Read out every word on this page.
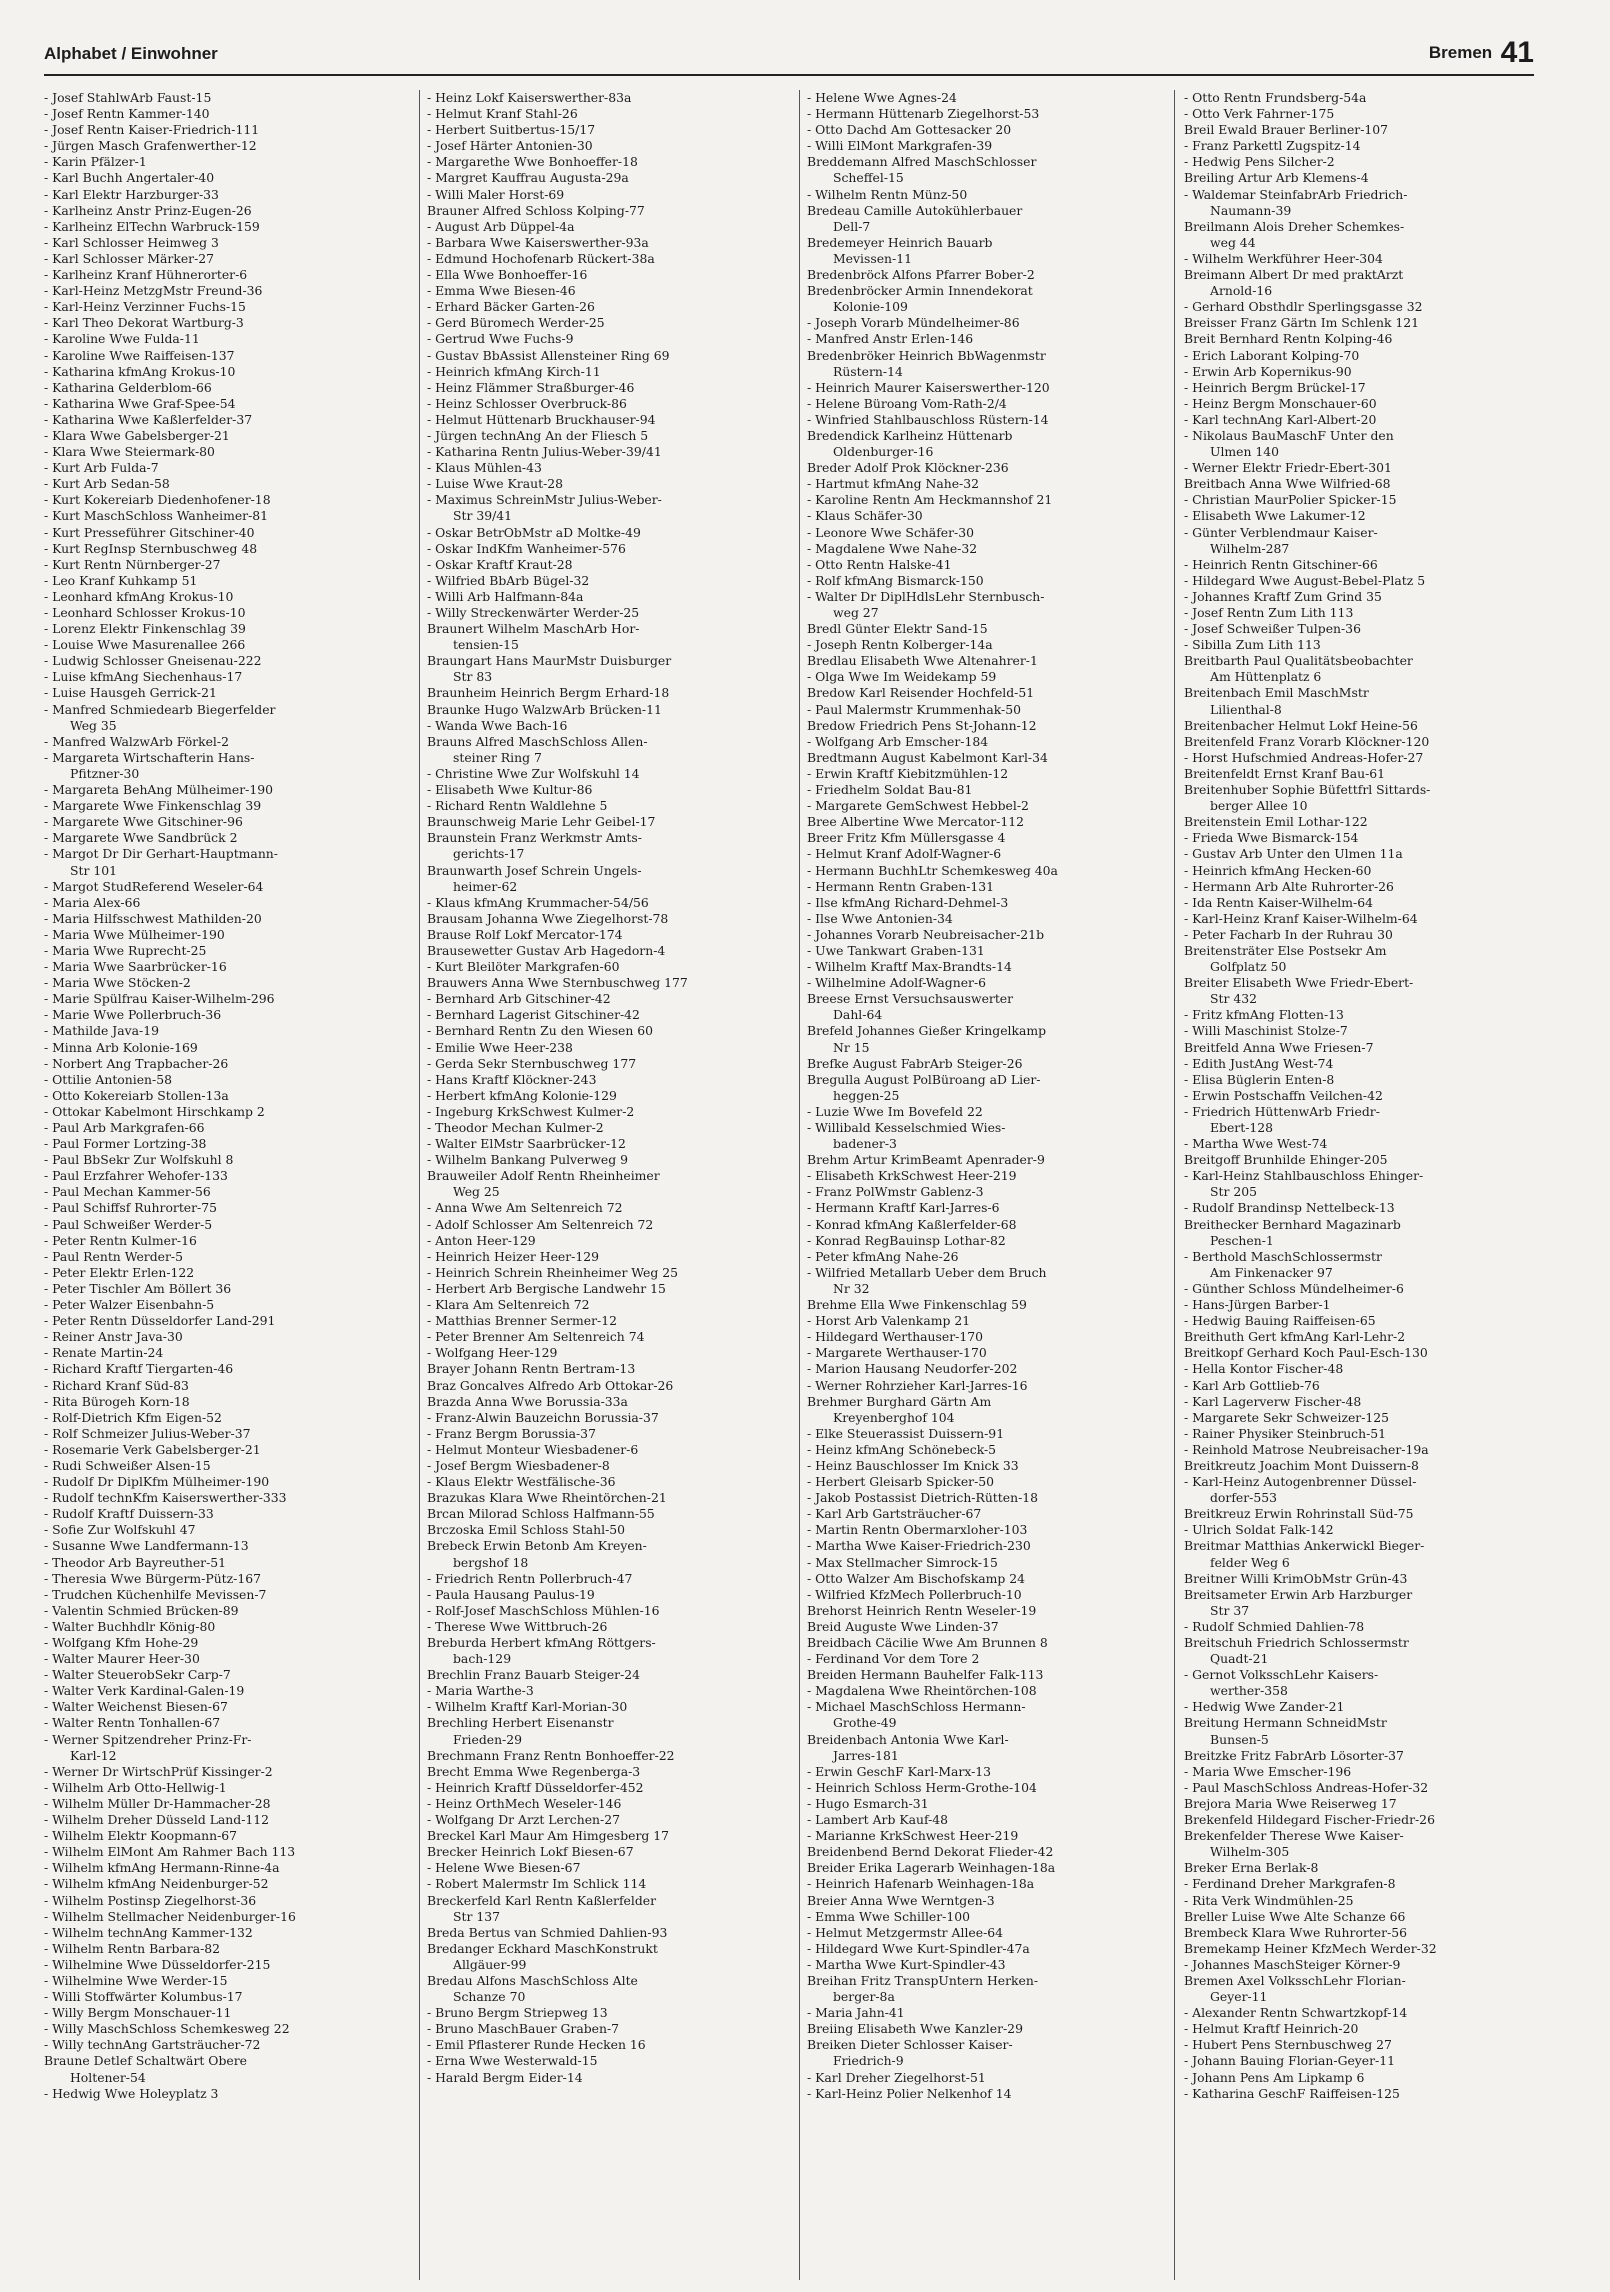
Alphabet / Einwohner	Bremen 41
- Josef StahlwArb Faust-15
- Josef Rentn Kammer-140
- Josef Rentn Kaiser-Friedrich-111
- Jürgen Masch Grafenwerther-12
- Karin Pfälzer-1
- Karl Buchh Angertaler-40
- Karl Elektr Harzburger-33
- Karlheinz Anstr Prinz-Eugen-26
- Karlheinz ElTechn Warbruck-159
- Karl Schlosser Heimweg 3
- Karl Schlosser Märker-27
- Karlheinz Kranf Hühnerorter-6
- Karl-Heinz MetzgMstr Freund-36
- Karl-Heinz Verzinner Fuchs-15
- Karl Theo Dekorat Wartburg-3
- Karoline Wwe Fulda-11
- Karoline Wwe Raiffeisen-137
- Katharina kfmAng Krokus-10
- Katharina Gelderblom-66
- Katharina Wwe Graf-Spee-54
- Katharina Wwe Kaßlerfelder-37
- Klara Wwe Gabelsberger-21
- Klara Wwe Steiermark-80
- Kurt Arb Fulda-7
- Kurt Arb Sedan-58
- Kurt Kokereiarb Diedenhofener-18
- Kurt MaschSchloss Wanheimer-81
- Kurt Presseführer Gitschiner-40
- Kurt RegInsp Sternbuschweg 48
- Kurt Rentn Nürnberger-27
- Leo Kranf Kuhkamp 51
- Leonhard kfmAng Krokus-10
- Leonhard Schlosser Krokus-10
- Lorenz Elektr Finkenschlag 39
- Louise Wwe Masurenallee 266
- Ludwig Schlosser Gneisenau-222
- Luise kfmAng Siechenhaus-17
- Luise Hausgeh Gerrick-21
- Manfred Schmiedearb Biegerfelder
Weg 35
- Manfred WalzwArb Förkel-2
- Margareta Wirtschafterin Hans-
Pfitzner-30
- Margareta BehAng Mülheimer-190
- Margarete Wwe Finkenschlag 39
- Margarete Wwe Gitschiner-96
- Margarete Wwe Sandbrück 2
- Margot Dr Dir Gerhart-Hauptmann-
Str 101
- Margot StudReferend Weseler-64
- Maria Alex-66
- Maria Hilfsschwest Mathilden-20
- Maria Wwe Mülheimer-190
- Maria Wwe Ruprecht-25
- Maria Wwe Saarbrücker-16
- Maria Wwe Stöcken-2
- Marie Spülfrau Kaiser-Wilhelm-296
- Marie Wwe Pollerbruch-36
- Mathilde Java-19
- Minna Arb Kolonie-169
- Norbert Ang Trapbacher-26
- Ottilie Antonien-58
- Otto Kokereiarb Stollen-13a
- Ottokar Kabelmont Hirschkamp 2
- Paul Arb Markgrafen-66
- Paul Former Lortzing-38
- Paul BbSekr Zur Wolfskuhl 8
- Paul Erzfahrer Wehofer-133
- Paul Mechan Kammer-56
- Paul Schiffsf Ruhrorter-75
- Paul Schweißer Werder-5
- Peter Rentn Kulmer-16
- Paul Rentn Werder-5
- Peter Elektr Erlen-122
- Peter Tischler Am Böllert 36
- Peter Walzer Eisenbahn-5
- Peter Rentn Düsseldorfer Land-291
- Reiner Anstr Java-30
- Renate Martin-24
- Richard Kraftf Tiergarten-46
- Richard Kranf Süd-83
- Rita Bürogeh Korn-18
- Rolf-Dietrich Kfm Eigen-52
- Rolf Schmeizer Julius-Weber-37
- Rosemarie Verk Gabelsberger-21
- Rudi Schweißer Alsen-15
- Rudolf Dr DiplKfm Mülheimer-190
- Rudolf technKfm Kaiserswerther-333
- Rudolf Kraftf Duissern-33
- Sofie Zur Wolfskuhl 47
- Susanne Wwe Landfermann-13
- Theodor Arb Bayreuther-51
- Theresia Wwe Bürgerm-Pütz-167
- Trudchen Küchenhilfe Mevissen-7
- Valentin Schmied Brücken-89
- Walter Buchhdlr König-80
- Wolfgang Kfm Hohe-29
- Walter Maurer Heer-30
- Walter SteuerobSekr Carp-7
- Walter Verk Kardinal-Galen-19
- Walter Weichenst Biesen-67
- Walter Rentn Tonhallen-67
- Werner Spitzendreher Prinz-Fr-
Karl-12
- Werner Dr WirtschPrüf Kissinger-2
- Wilhelm Arb Otto-Hellwig-1
- Wilhelm Müller Dr-Hammacher-28
- Wilhelm Dreher Düsseld Land-112
- Wilhelm Elektr Koopmann-67
- Wilhelm ElMont Am Rahmer Bach 113
- Wilhelm kfmAng Hermann-Rinne-4a
- Wilhelm kfmAng Neidenburger-52
- Wilhelm Postinsp Ziegelhorst-36
- Wilhelm Stellmacher Neidenburger-16
- Wilhelm technAng Kammer-132
- Wilhelm Rentn Barbara-82
- Wilhelmine Wwe Düsseldorfer-215
- Wilhelmine Wwe Werder-15
- Willi Stoffwärter Kolumbus-17
- Willy Bergm Monschauer-11
- Willy MaschSchloss Schemkesweg 22
- Willy technAng Gartsträucher-72
Braune Detlef Schaltwärt Obere
Holtener-54
- Hedwig Wwe Holeyplatz 3
- Heinz Lokf Kaiserswerther-83a
- Helmut Kranf Stahl-26
- Herbert Suitbertus-15/17
- Josef Härter Antonien-30
- Margarethe Wwe Bonhoeffer-18
- Margret Kauffrau Augusta-29a
- Willi Maler Horst-69
Brauner Alfred Schloss Kolping-77
- August Arb Düppel-4a
- Barbara Wwe Kaiserswerther-93a
- Edmund Hochofenarb Rückert-38a
- Ella Wwe Bonhoeffer-16
- Emma Wwe Biesen-46
- Erhard Bäcker Garten-26
- Gerd Büromech Werder-25
- Gertrud Wwe Fuchs-9
- Gustav BbAssist Allensteiner Ring 69
- Heinrich kfmAng Kirch-11
- Heinz Flämmer Straßburger-46
- Heinz Schlosser Overbruck-86
- Helmut Hüttenarb Bruckhauser-94
- Jürgen technAng An der Fliesch 5
- Katharina Rentn Julius-Weber-39/41
- Klaus Mühlen-43
- Luise Wwe Kraut-28
- Maximus SchreinMstr Julius-Weber-
Str 39/41
- Oskar BetrObMstr aD Moltke-49
- Oskar IndKfm Wanheimer-576
- Oskar Kraftf Kraut-28
- Wilfried BbArb Bügel-32
- Willi Arb Halfmann-84a
- Willy Streckenwärter Werder-25
Braunert Wilhelm MaschArb Hor-
tensien-15
Braungart Hans MaurMstr Duisburger
Str 83
Braunheim Heinrich Bergm Erhard-18
Braunke Hugo WalzwArb Brücken-11
- Wanda Wwe Bach-16
Brauns Alfred MaschSchloss Allen-
steiner Ring 7
- Christine Wwe Zur Wolfskuhl 14
- Elisabeth Wwe Kultur-86
- Richard Rentn Waldlehne 5
Braunschweig Marie Lehr Geibel-17
Braunstein Franz Werkmstr Amts-
gerichts-17
Braunwarth Josef Schrein Ungels-
heimer-62
- Klaus kfmAng Krummacher-54/56
Brausam Johanna Wwe Ziegelhorst-78
Brause Rolf Lokf Mercator-174
Brausewetter Gustav Arb Hagedorn-4
- Kurt Bleilöter Markgrafen-60
Brauwers Anna Wwe Sternbuschweg 177
- Bernhard Arb Gitschiner-42
- Bernhard Lagerist Gitschiner-42
- Bernhard Rentn Zu den Wiesen 60
- Emilie Wwe Heer-238
- Gerda Sekr Sternbuschweg 177
- Hans Kraftf Klöckner-243
- Herbert kfmAng Kolonie-129
- Ingeburg KrkSchwest Kulmer-2
- Theodor Mechan Kulmer-2
- Walter ElMstr Saarbrücker-12
- Wilhelm Bankang Pulverweg 9
Brauweiler Adolf Rentn Rheinheimer
Weg 25
- Anna Wwe Am Seltenreich 72
- Adolf Schlosser Am Seltenreich 72
- Anton Heer-129
- Heinrich Heizer Heer-129
- Heinrich Schrein Rheinheimer Weg 25
- Herbert Arb Bergische Landwehr 15
- Klara Am Seltenreich 72
- Matthias Brenner Sermer-12
- Peter Brenner Am Seltenreich 74
- Wolfgang Heer-129
Brayer Johann Rentn Bertram-13
Braz Goncalves Alfredo Arb Ottokar-26
Brazda Anna Wwe Borussia-33a
- Franz-Alwin Bauzeichn Borussia-37
- Franz Bergm Borussia-37
- Helmut Monteur Wiesbadener-6
- Josef Bergm Wiesbadener-8
- Klaus Elektr Westfälische-36
Brazukas Klara Wwe Rheintörchen-21
Brcan Milorad Schloss Halfmann-55
Brczoska Emil Schloss Stahl-50
Brebeck Erwin Betonb Am Kreyen-
bergshof 18
- Friedrich Rentn Pollerbruch-47
- Paula Hausang Paulus-19
- Rolf-Josef MaschSchloss Mühlen-16
- Therese Wwe Wittbruch-26
Breburda Herbert kfmAng Röttgers-
bach-129
Brechlin Franz Bauarb Steiger-24
- Maria Warthe-3
- Wilhelm Kraftf Karl-Morian-30
Brechling Herbert Eisenanstr
Frieden-29
Brechmann Franz Rentn Bonhoeffer-22
Brecht Emma Wwe Regenberga-3
- Heinrich Kraftf Düsseldorfer-452
- Heinz OrthMech Weseler-146
- Wolfgang Dr Arzt Lerchen-27
Breckel Karl Maur Am Himgesberg 17
Brecker Heinrich Lokf Biesen-67
- Helene Wwe Biesen-67
- Robert Malermstr Im Schlick 114
Breckerfeld Karl Rentn Kaßlerfelder
Str 137
Breda Bertus van Schmied Dahlien-93
Bredanger Eckhard MaschKonstrukt
Allgäuer-99
Bredau Alfons MaschSchloss Alte
Schanze 70
- Bruno Bergm Striepweg 13
- Bruno MaschBauer Graben-7
- Emil Pflasterer Runde Hecken 16
- Erna Wwe Westerwald-15
- Harald Bergm Eider-14
- Helene Wwe Agnes-24
- Hermann Hüttenarb Ziegelhorst-53
- Otto Dachd Am Gottesacker 20
- Willi ElMont Markgrafen-39
Breddemann Alfred MaschSchlosser
Scheffel-15
- Wilhelm Rentn Münz-50
Bredeau Camille Autokühlerbauer
Dell-7
Bredemeyer Heinrich Bauarb
Mevissen-11
Bredenbröck Alfons Pfarrer Bober-2
Bredenbröcker Armin Innendekorat
Kolonie-109
- Joseph Vorarb Mündelheimer-86
- Manfred Anstr Erlen-146
Bredenbröker Heinrich BbWagenmstr
Rüstern-14
- Heinrich Maurer Kaiserswerther-120
- Helene Büroang Vom-Rath-2/4
- Winfried Stahlbauschloss Rüstern-14
Bredendick Karlheinz Hüttenarb
Oldenburger-16
Breder Adolf Prok Klöckner-236
- Hartmut kfmAng Nahe-32
- Karoline Rentn Am Heckmannshof 21
- Klaus Schäfer-30
- Leonore Wwe Schäfer-30
- Magdalene Wwe Nahe-32
- Otto Rentn Halske-41
- Rolf kfmAng Bismarck-150
- Walter Dr DiplHdlsLehr Sternbusch-
weg 27
Bredl Günter Elektr Sand-15
- Joseph Rentn Kolberger-14a
Bredlau Elisabeth Wwe Altenahrer-1
- Olga Wwe Im Weidekamp 59
Bredow Karl Reisender Hochfeld-51
- Paul Malermstr Krummenhak-50
Bredow Friedrich Pens St-Johann-12
- Wolfgang Arb Emscher-184
Bredtmann August Kabelmont Karl-34
- Erwin Kraftf Kiebitzmühlen-12
- Friedhelm Soldat Bau-81
- Margarete GemSchwest Hebbel-2
Bree Albertine Wwe Mercator-112
Breer Fritz Kfm Müllersgasse 4
- Helmut Kranf Adolf-Wagner-6
- Hermann BuchhLtr Schemkesweg 40a
- Hermann Rentn Graben-131
- Ilse kfmAng Richard-Dehmel-3
- Ilse Wwe Antonien-34
- Johannes Vorarb Neubreisacher-21b
- Uwe Tankwart Graben-131
- Wilhelm Kraftf Max-Brandts-14
- Wilhelmine Adolf-Wagner-6
Breese Ernst Versuchsauswerter
Dahl-64
Brefeld Johannes Gießer Kringelkamp
Nr 15
Brefke August FabrArb Steiger-26
Bregulla August PolBüroang aD Lier-
heggen-25
- Luzie Wwe Im Bovefeld 22
- Willibald Kesselschmied Wies-
badener-3
Brehm Artur KrimBeamt Apenrader-9
- Elisabeth KrkSchwest Heer-219
- Franz PolWmstr Gablenz-3
- Hermann Kraftf Karl-Jarres-6
- Konrad kfmAng Kaßlerfelder-68
- Konrad RegBauinsp Lothar-82
- Peter kfmAng Nahe-26
- Wilfried Metallarb Ueber dem Bruch
Nr 32
Brehme Ella Wwe Finkenschlag 59
- Horst Arb Valenkamp 21
- Hildegard Werthauser-170
- Margarete Werthauser-170
- Marion Hausang Neudorfer-202
- Werner Rohrzieher Karl-Jarres-16
Brehmer Burghard Gärtn Am
Kreyenberghof 104
- Elke Steuerassist Duissern-91
- Heinz kfmAng Schönebeck-5
- Heinz Bauschlosser Im Knick 33
- Herbert Gleisarb Spicker-50
- Jakob Postassist Dietrich-Rütten-18
- Karl Arb Gartsträucher-67
- Martin Rentn Obermarxloher-103
- Martha Wwe Kaiser-Friedrich-230
- Max Stellmacher Simrock-15
- Otto Walzer Am Bischofskamp 24
- Wilfried KfzMech Pollerbruch-10
Brehorst Heinrich Rentn Weseler-19
Breid Auguste Wwe Linden-37
Breidbach Cäcilie Wwe Am Brunnen 8
- Ferdinand Vor dem Tore 2
Breiden Hermann Bauhelfer Falk-113
- Magdalena Wwe Rheintörchen-108
- Michael MaschSchloss Hermann-
Grothe-49
Breidenbach Antonia Wwe Karl-
Jarres-181
- Erwin GeschF Karl-Marx-13
- Heinrich Schloss Herm-Grothe-104
- Hugo Esmarch-31
- Lambert Arb Kauf-48
- Marianne KrkSchwest Heer-219
Breidenbend Bernd Dekorat Flieder-42
Breider Erika Lagerarb Weinhagen-18a
- Heinrich Hafenarb Weinhagen-18a
Breier Anna Wwe Werntgen-3
- Emma Wwe Schiller-100
- Helmut Metzgermstr Allee-64
- Hildegard Wwe Kurt-Spindler-47a
- Martha Wwe Kurt-Spindler-43
Breihan Fritz TranspUntern Herken-
berger-8a
- Maria Jahn-41
Breiing Elisabeth Wwe Kanzler-29
Breiken Dieter Schlosser Kaiser-
Friedrich-9
- Karl Dreher Ziegelhorst-51
- Karl-Heinz Polier Nelkenhof 14
- Otto Rentn Frundsberg-54a
- Otto Verk Fahrner-175
Breil Ewald Brauer Berliner-107
- Franz Parkettl Zugspitz-14
- Hedwig Pens Silcher-2
Breiling Artur Arb Klemens-4
- Waldemar SteinfabrArb Friedrich-
Naumann-39
Breilmann Alois Dreher Schemkes-
weg 44
- Wilhelm Werkführer Heer-304
Breimann Albert Dr med praktArzt
Arnold-16
- Gerhard Obsthdlr Sperlingsgasse 32
Breisser Franz Gärtn Im Schlenk 121
Breit Bernhard Rentn Kolping-46
- Erich Laborant Kolping-70
- Erwin Arb Kopernikus-90
- Heinrich Bergm Brückel-17
- Heinz Bergm Monschauer-60
- Karl technAng Karl-Albert-20
- Nikolaus BauMaschF Unter den
Ulmen 140
- Werner Elektr Friedr-Ebert-301
Breitbach Anna Wwe Wilfried-68
- Christian MaurPolier Spicker-15
- Elisabeth Wwe Lakumer-12
- Günter Verblendmaur Kaiser-
Wilhelm-287
- Heinrich Rentn Gitschiner-66
- Hildegard Wwe August-Bebel-Platz 5
- Johannes Kraftf Zum Grind 35
- Josef Rentn Zum Lith 113
- Josef Schweißer Tulpen-36
- Sibilla Zum Lith 113
Breitbarth Paul Qualitätsbeobachter
Am Hüttenplatz 6
Breitenbach Emil MaschMstr
Lilienthal-8
Breitenbacher Helmut Lokf Heine-56
Breitenfeld Franz Vorarb Klöckner-120
- Horst Hufschmied Andreas-Hofer-27
Breitenfeldt Ernst Kranf Bau-61
Breitenhuber Sophie Büfettfrl Sittards-
berger Allee 10
Breitenstein Emil Lothar-122
- Frieda Wwe Bismarck-154
- Gustav Arb Unter den Ulmen 11a
- Heinrich kfmAng Hecken-60
- Hermann Arb Alte Ruhrorter-26
- Ida Rentn Kaiser-Wilhelm-64
- Karl-Heinz Kranf Kaiser-Wilhelm-64
- Peter Facharb In der Ruhrau 30
Breitensträter Else Postsekr Am
Golfplatz 50
Breiter Elisabeth Wwe Friedr-Ebert-
Str 432
- Fritz kfmAng Flotten-13
- Willi Maschinist Stolze-7
Breitfeld Anna Wwe Friesen-7
- Edith JustAng West-74
- Elisa Büglerin Enten-8
- Erwin Postschaffn Veilchen-42
- Friedrich HüttenwArb Friedr-
Ebert-128
- Martha Wwe West-74
Breitgoff Brunhilde Ehinger-205
- Karl-Heinz Stahlbauschloss Ehinger-
Str 205
- Rudolf Brandinsp Nettelbeck-13
Breithecker Bernhard Magazinarb
Peschen-1
- Berthold MaschSchlossermstr
Am Finkenacker 97
- Günther Schloss Mündelheimer-6
- Hans-Jürgen Barber-1
- Hedwig Bauing Raiffeisen-65
Breithuth Gert kfmAng Karl-Lehr-2
Breitkopf Gerhard Koch Paul-Esch-130
- Hella Kontor Fischer-48
- Karl Arb Gottlieb-76
- Karl Lagerverw Fischer-48
- Margarete Sekr Schweizer-125
- Rainer Physiker Steinbruch-51
- Reinhold Matrose Neubreisacher-19a
Breitkreutz Joachim Mont Duissern-8
- Karl-Heinz Autogenbrenner Düssel-
dorfer-553
Breitkreuz Erwin Rohrinstall Süd-75
- Ulrich Soldat Falk-142
Breitmar Matthias Ankerwickl Bieger-
felder Weg 6
Breitner Willi KrimObMstr Grün-43
Breitsameter Erwin Arb Harzburger
Str 37
- Rudolf Schmied Dahlien-78
Breitschuh Friedrich Schlossermstr
Quadt-21
- Gernot VolksschLehr Kaisers-
werther-358
- Hedwig Wwe Zander-21
Breitung Hermann SchneidMstr
Bunsen-5
Breitzke Fritz FabrArb Lösorter-37
- Maria Wwe Emscher-196
- Paul MaschSchloss Andreas-Hofer-32
Brejora Maria Wwe Reiserweg 17
Brekenfeld Hildegard Fischer-Friedr-26
Brekenfelder Therese Wwe Kaiser-
Wilhelm-305
Breker Erna Berlak-8
- Ferdinand Dreher Markgrafen-8
- Rita Verk Windmühlen-25
Breller Luise Wwe Alte Schanze 66
Brembeck Klara Wwe Ruhrorter-56
Bremekamp Heiner KfzMech Werder-32
- Johannes MaschSteiger Körner-9
Bremen Axel VolksschLehr Florian-
Geyer-11
- Alexander Rentn Schwartzkopf-14
- Helmut Kraftf Heinrich-20
- Hubert Pens Sternbuschweg 27
- Johann Bauing Florian-Geyer-11
- Johann Pens Am Lipkamp 6
- Katharina GeschF Raiffeisen-125
